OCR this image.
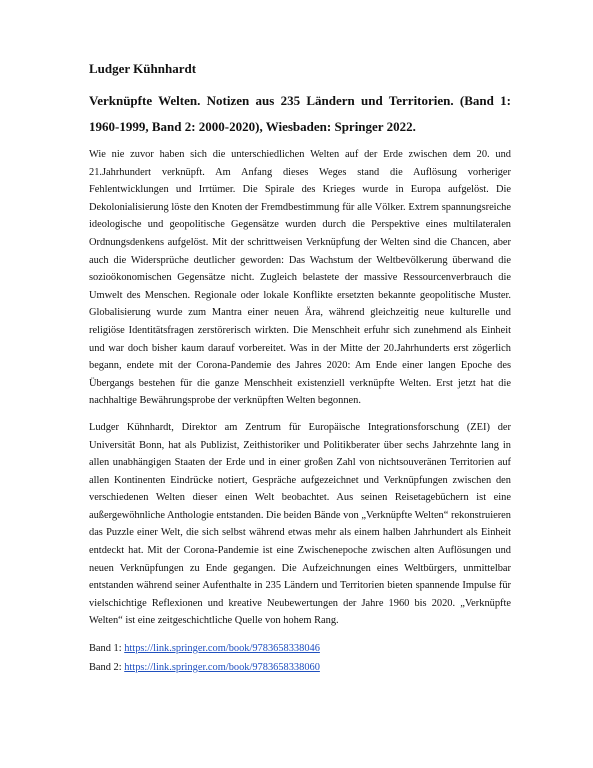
Ludger Kühnhardt
Verknüpfte Welten. Notizen aus 235 Ländern und Territorien. (Band 1: 1960-1999, Band 2: 2000-2020), Wiesbaden: Springer 2022.

Wie nie zuvor haben sich die unterschiedlichen Welten auf der Erde zwischen dem 20. und 21.Jahrhundert verknüpft. Am Anfang dieses Weges stand die Auflösung vorheriger Fehlentwicklungen und Irrtümer. Die Spirale des Krieges wurde in Europa aufgelöst. Die Dekolonialisierung löste den Knoten der Fremdbestimmung für alle Völker. Extrem spannungsreiche ideologische und geopolitische Gegensätze wurden durch die Perspektive eines multilateralen Ordnungsdenkens aufgelöst. Mit der schrittweisen Verknüpfung der Welten sind die Chancen, aber auch die Widersprüche deutlicher geworden: Das Wachstum der Weltbevölkerung überwand die sozioökonomischen Gegensätze nicht. Zugleich belastete der massive Ressourcenverbrauch die Umwelt des Menschen. Regionale oder lokale Konflikte ersetzten bekannte geopolitische Muster. Globalisierung wurde zum Mantra einer neuen Ära, während gleichzeitig neue kulturelle und religiöse Identitätsfragen zerstörerisch wirkten. Die Menschheit erfuhr sich zunehmend als Einheit und war doch bisher kaum darauf vorbereitet. Was in der Mitte der 20.Jahrhunderts erst zögerlich begann, endete mit der Corona-Pandemie des Jahres 2020: Am Ende einer langen Epoche des Übergangs bestehen für die ganze Menschheit existenziell verknüpfte Welten. Erst jetzt hat die nachhaltige Bewährungsprobe der verknüpften Welten begonnen.

Ludger Kühnhardt, Direktor am Zentrum für Europäische Integrationsforschung (ZEI) der Universität Bonn, hat als Publizist, Zeithistoriker und Politikberater über sechs Jahrzehnte lang in allen unabhängigen Staaten der Erde und in einer großen Zahl von nichtsouveränen Territorien auf allen Kontinenten Eindrücke notiert, Gespräche aufgezeichnet und Verknüpfungen zwischen den verschiedenen Welten dieser einen Welt beobachtet. Aus seinen Reisetagebüchern ist eine außergewöhnliche Anthologie entstanden. Die beiden Bände von „Verknüpfte Welten“ rekonstruieren das Puzzle einer Welt, die sich selbst während etwas mehr als einem halben Jahrhundert als Einheit entdeckt hat. Mit der Corona-Pandemie ist eine Zwischenepoche zwischen alten Auflösungen und neuen Verknüpfungen zu Ende gegangen. Die Aufzeichnungen eines Weltbürgers, unmittelbar entstanden während seiner Aufenthalte in 235 Ländern und Territorien bieten spannende Impulse für vielschichtige Reflexionen und kreative Neubewertungen der Jahre 1960 bis 2020. „Verknüpfte Welten“ ist eine zeitgeschichtliche Quelle von hohem Rang.

Band 1: https://link.springer.com/book/9783658338046
Band 2: https://link.springer.com/book/9783658338060
